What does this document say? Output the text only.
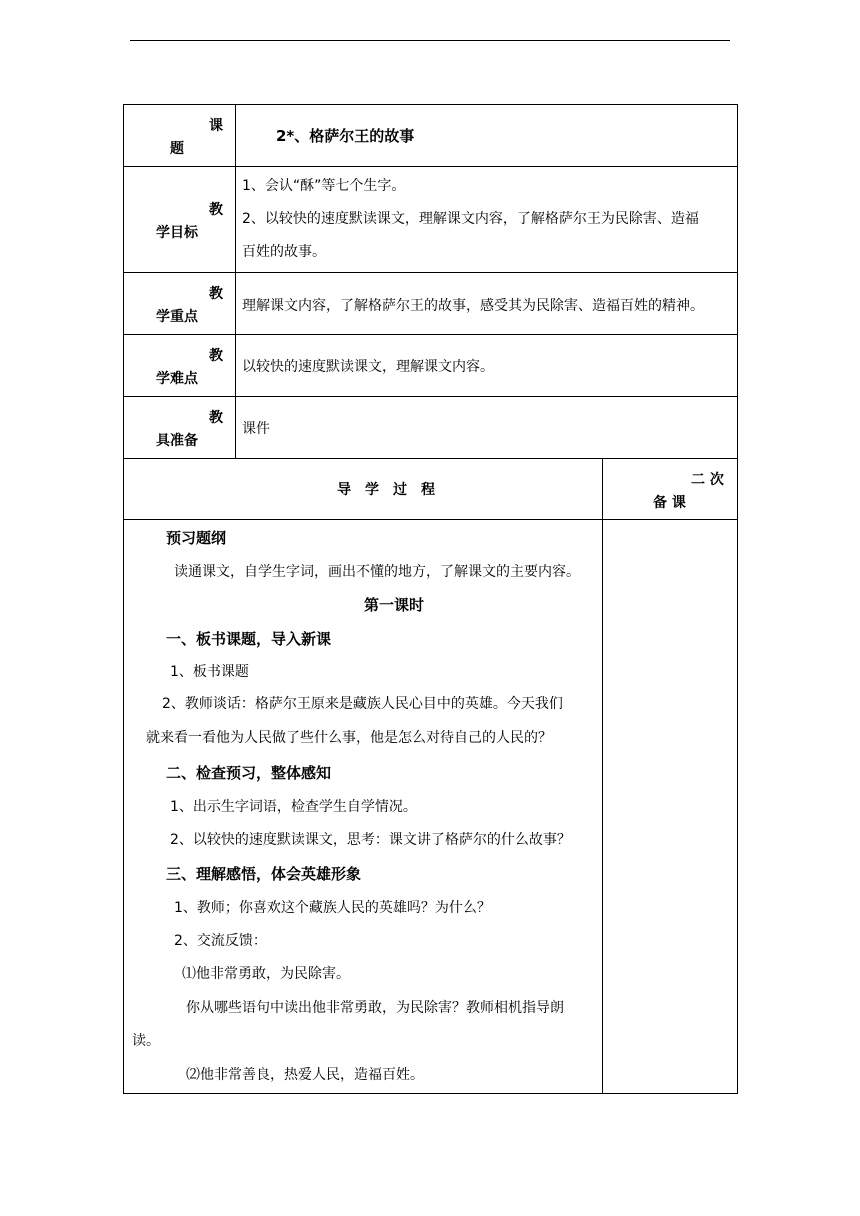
课
题
2*、格萨尔王的故事
教
学目标
1、会认“酥”等七个生字。
2、以较快的速度默读课文，理解课文内容，了解格萨尔王为民除害、造福
百姓的故事。
教
学重点
理解课文内容，了解格萨尔王的故事，感受其为民除害、造福百姓的精神。
教
学难点
以较快的速度默读课文，理解课文内容。
教
具准备
课件
导　学　过　程
二 次
备 课
预习题纲
读通课文，自学生字词，画出不懂的地方，了解课文的主要内容。
第一课时
一、板书课题，导入新课
1、板书课题
2、教师谈话：格萨尔王原来是藏族人民心目中的英雄。今天我们
就来看一看他为人民做了些什么事，他是怎么对待自己的人民的？
二、检查预习，整体感知
1、出示生字词语，检查学生自学情况。
2、以较快的速度默读课文，思考：课文讲了格萨尔的什么故事？
三、理解感悟，体会英雄形象
1、教师；你喜欢这个藏族人民的英雄吗？为什么？
2、交流反馈：
⑴他非常勇敢，为民除害。
你从哪些语句中读出他非常勇敢，为民除害？教师相机指导朗
读。
⑵他非常善良，热爱人民，造福百姓。
